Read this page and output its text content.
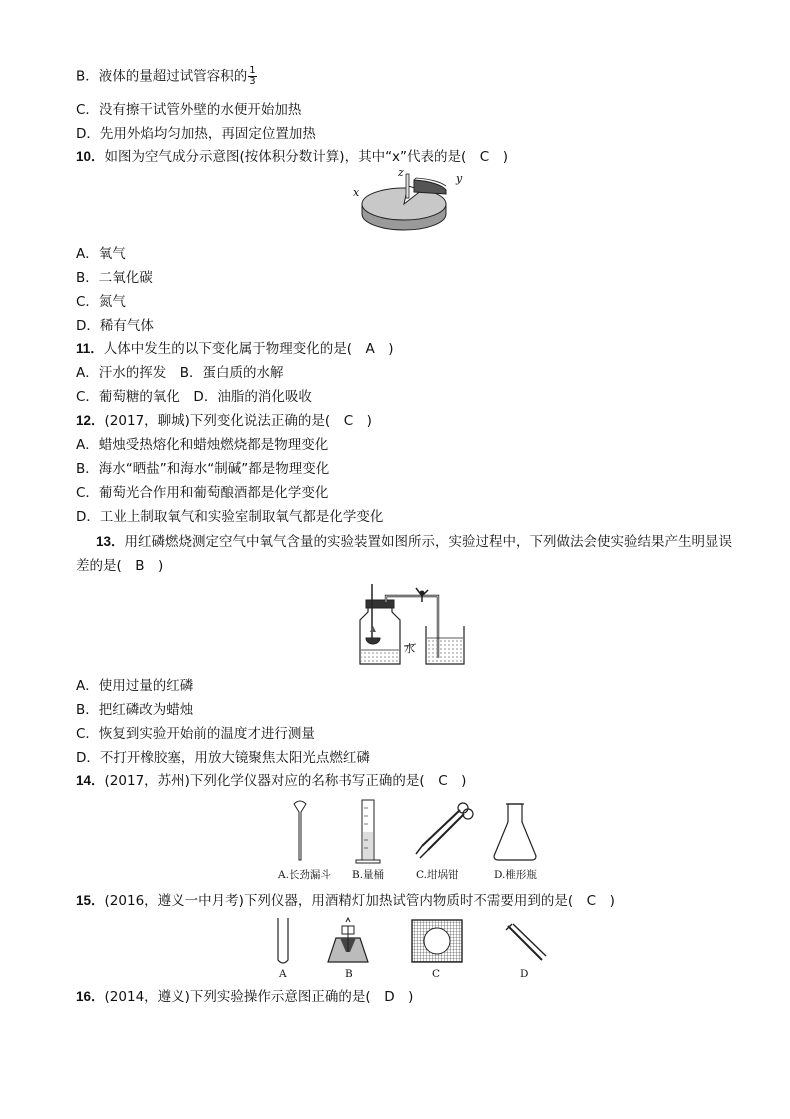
B．液体的量超过试管容积的 $\frac{1}{3}$
C．没有擦干试管外壁的水便开始加热
D．先用外焰均匀加热，再固定位置加热
10．如图为空气成分示意图(按体积分数计算)，其中“x”代表的是(　C　)
x
y
z
A．氧气
B．二氧化碳
C．氮气
D．稀有气体
11．人体中发生的以下变化属于物理变化的是(　A　)
A．汗水的挥发　B．蛋白质的水解
C．葡萄糖的氧化　D．油脂的消化吸收
12．(2017，聊城)下列变化说法正确的是(　C　)
A．蜡烛受热熔化和蜡烛燃烧都是物理变化
B．海水“晒盐”和海水“制碱”都是物理变化
C．葡萄光合作用和葡萄酿酒都是化学变化
D．工业上制取氧气和实验室制取氧气都是化学变化
13．用红磷燃烧测定空气中氧气含量的实验装置如图所示，实验过程中，下列做法会使实验结果产生明显误
差的是(　B　)
水
A．使用过量的红磷
B．把红磷改为蜡烛
C．恢复到实验开始前的温度才进行测量
D．不打开橡胶塞，用放大镜聚焦太阳光点燃红磷
14．(2017，苏州)下列化学仪器对应的名称书写正确的是(　C　)
A.长劲漏斗 B.量桶	C.坩埚钳	D.椎形瓶
15．(2016，遵义一中月考)下列仪器，用酒精灯加热试管内物质时不需要用到的是(　C　)
A	B	C	D
16．(2014，遵义)下列实验操作示意图正确的是(　D　)
